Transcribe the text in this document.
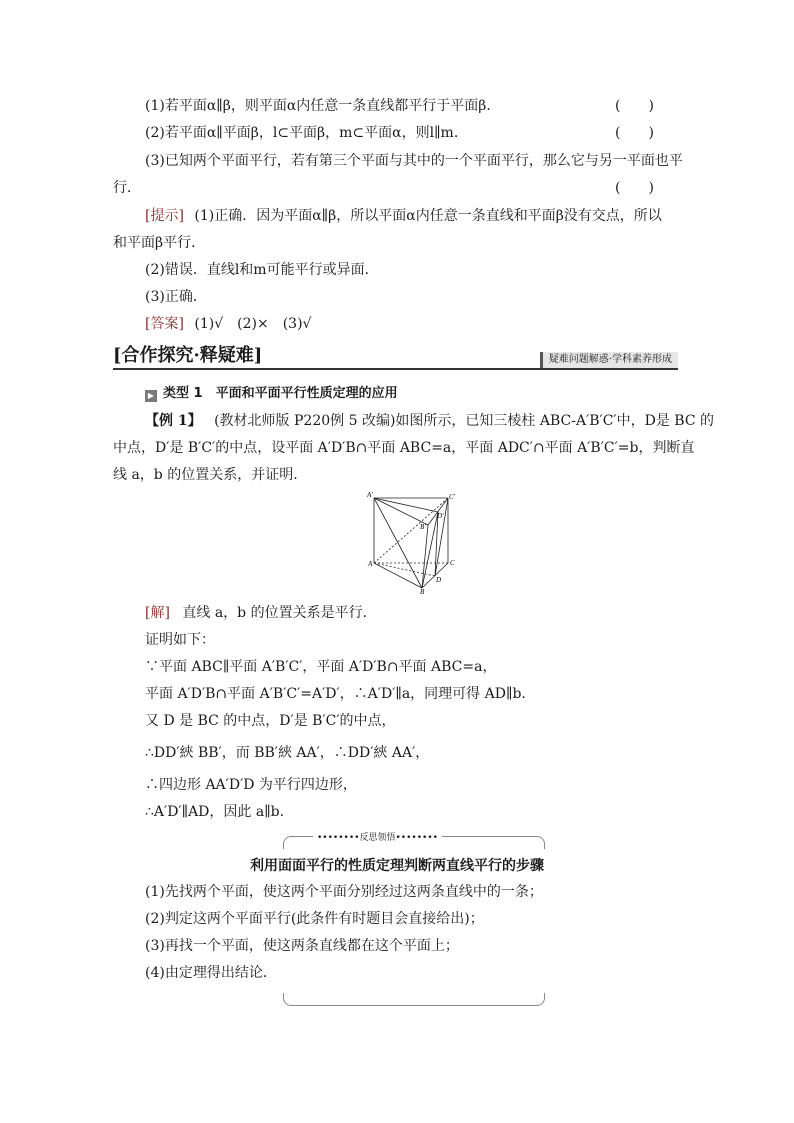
(1)若平面α∥β，则平面α内任意一条直线都平行于平面β.	(　　)
(2)若平面α∥平面β，l⊂平面β，m⊂平面α，则l∥m.	(　　)
(3)已知两个平面平行，若有第三个平面与其中的一个平面平行，那么它与另一平面也平
行．	(　　)
[提示] (1)正确．因为平面α∥β，所以平面α内任意一条直线和平面β没有交点，所以
和平面β平行．
(2)错误．直线l和m可能平行或异面．
(3)正确．
[答案] (1)√　(2)×　(3)√
[合作探究·释疑难]	疑难问题解惑·学科素养形成
▶ 类型 1　平面和平面平行性质定理的应用
【例 1】 (教材北师版 P220例 5 改编)如图所示，已知三棱柱 ABC-A′B′C′中，D是 BC 的
中点，D′是 B′C′的中点，设平面 A′D′B∩平面 ABC=a，平面 ADC′∩平面 A′B′C′=b，判断直
线 a，b 的位置关系，并证明.
A′	C′
D′
B′
A	C
D
B
[解] 直线 a，b 的位置关系是平行．
证明如下：
∵平面 ABC∥平面 A′B′C′，平面 A′D′B∩平面 ABC=a，
平面 A′D′B∩平面 A′B′C′=A′D′，∴A′D′∥a，同理可得 AD∥b.
又 D 是 BC 的中点，D′是 B′C′的中点，
∴DD′綊 BB′，而 BB′綊 AA′，∴DD′綊 AA′，
∴四边形 AA′D′D 为平行四边形，
∴A′D′∥AD，因此 a∥b.
••••••••反思领悟••••••••
利用面面平行的性质定理判断两直线平行的步骤
(1)先找两个平面，使这两个平面分别经过这两条直线中的一条；
(2)判定这两个平面平行(此条件有时题目会直接给出)；
(3)再找一个平面，使这两条直线都在这个平面上；
(4)由定理得出结论．
